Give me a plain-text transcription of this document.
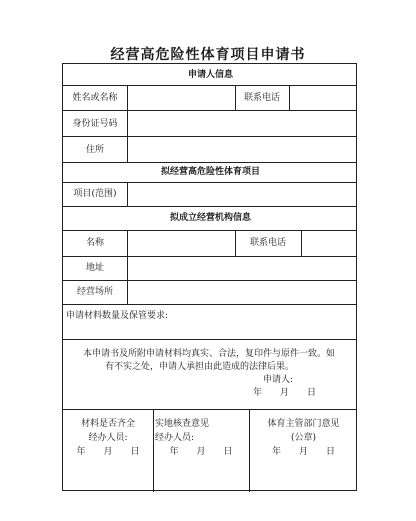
经营高危险性体育项目申请书
申请人信息
姓名或名称	联系电话
身份证号码
住所
拟经营高危险性体育项目
项目(范围)
拟成立经营机构信息
名称	联系电话
地址
经营场所
申请材料数量及保管要求:
本申请书及所附申请材料均真实、合法，复印件与原件一致。如
有不实之处，申请人承担由此造成的法律后果。
申请人:
年　　月　　日
材料是否齐全
经办人员:
年　　月　　日
实地核查意见
经办人员:
年　　月　　日
体育主管部门意见
(公章)
年　　月　　日
